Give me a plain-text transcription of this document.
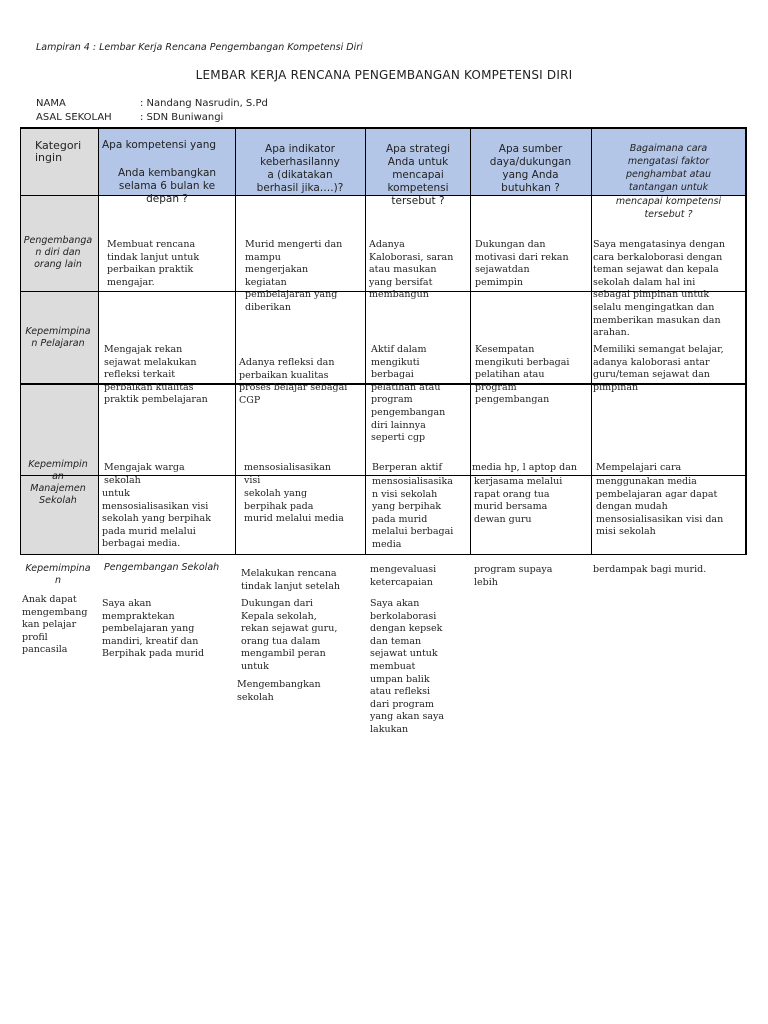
Lampiran 4 : Lembar Kerja Rencana Pengembangan Kompetensi Diri
LEMBAR KERJA RENCANA PENGEMBANGAN KOMPETENSI DIRI
NAMA	: Nandang Nasrudin, S.Pd
ASAL SEKOLAH	: SDN Buniwangi
Kategori
ingin
Apa kompetensi yang
Anda kembangkan
selama 6 bulan ke
depan ?
Apa indikator
keberhasilanny
a (dikatakan
berhasil jika….)?
Apa strategi
Anda untuk
mencapai
kompetensi
tersebut ?
Apa sumber
daya/dukungan
yang Anda
butuhkan ?
Bagaimana cara
mengatasi faktor
penghambat atau
tantangan untuk
mencapai kompetensi
tersebut ?
Pengembanga
n diri dan
orang lain
Kepemimpina
n Pelajaran
Kepemimpin
an
Manajemen
Sekolah
Kepemimpina
n
Anak dapat
mengembang
kan pelajar
profil
pancasila
Membuat rencana
tindak lanjut untuk
perbaikan praktik
mengajar.
Murid mengerti dan
mampu
mengerjakan
kegiatan
pembelajaran yang
diberikan
Adanya
Kaloborasi, saran
atau masukan
yang bersifat
membangun
Dukungan dan
motivasi dari rekan
sejawatdan
pemimpin
Saya mengatasinya dengan
cara berkaloborasi dengan
teman sejawat dan kepala
sekolah dalam hal ini
sebagai pimpinan untuk
selalu mengingatkan dan
memberikan masukan dan
arahan.
Mengajak rekan
sejawat melakukan
refleksi terkait
perbaikan kualitas
praktik pembelajaran
Adanya refleksi dan
perbaikan kualitas
proses belajar sebagai
CGP
Aktif dalam
mengikuti
berbagai
pelatihan atau
program
pengembangan
diri lainnya
seperti cgp
Kesempatan
mengikuti berbagai
pelatihan atau
program
pengembangan
Memiliki semangat belajar,
adanya kaloborasi antar
guru/teman sejawat dan
pimpinan
Mengajak warga
sekolah
untuk
mensosialisasikan visi
sekolah yang berpihak
pada murid melalui
berbagai media.
mensosialisasikan
visi
sekolah yang
berpihak pada
murid melalui media
Berperan aktif
mensosialisasika
n visi sekolah
yang berpihak
pada murid
melalui berbagai
media
media hp, l aptop dan
kerjasama melalui
rapat orang tua
murid bersama
dewan guru
Mempelajari cara
menggunakan media
pembelajaran agar dapat
dengan mudah
mensosialisasikan visi dan
misi sekolah
Pengembangan Sekolah
Saya akan
mempraktekan
pembelajaran yang
mandiri, kreatif dan
Berpihak pada murid
Melakukan rencana
tindak lanjut setelah
Dukungan dari
Kepala sekolah,
rekan sejawat guru,
orang tua dalam
mengambil peran
untuk
Mengembangkan
sekolah
mengevaluasi
ketercapaian
Saya akan
berkolaborasi
dengan kepsek
dan teman
sejawat untuk
membuat
umpan balik
atau refleksi
dari program
yang akan saya
lakukan
program supaya
lebih
berdampak bagi murid.
